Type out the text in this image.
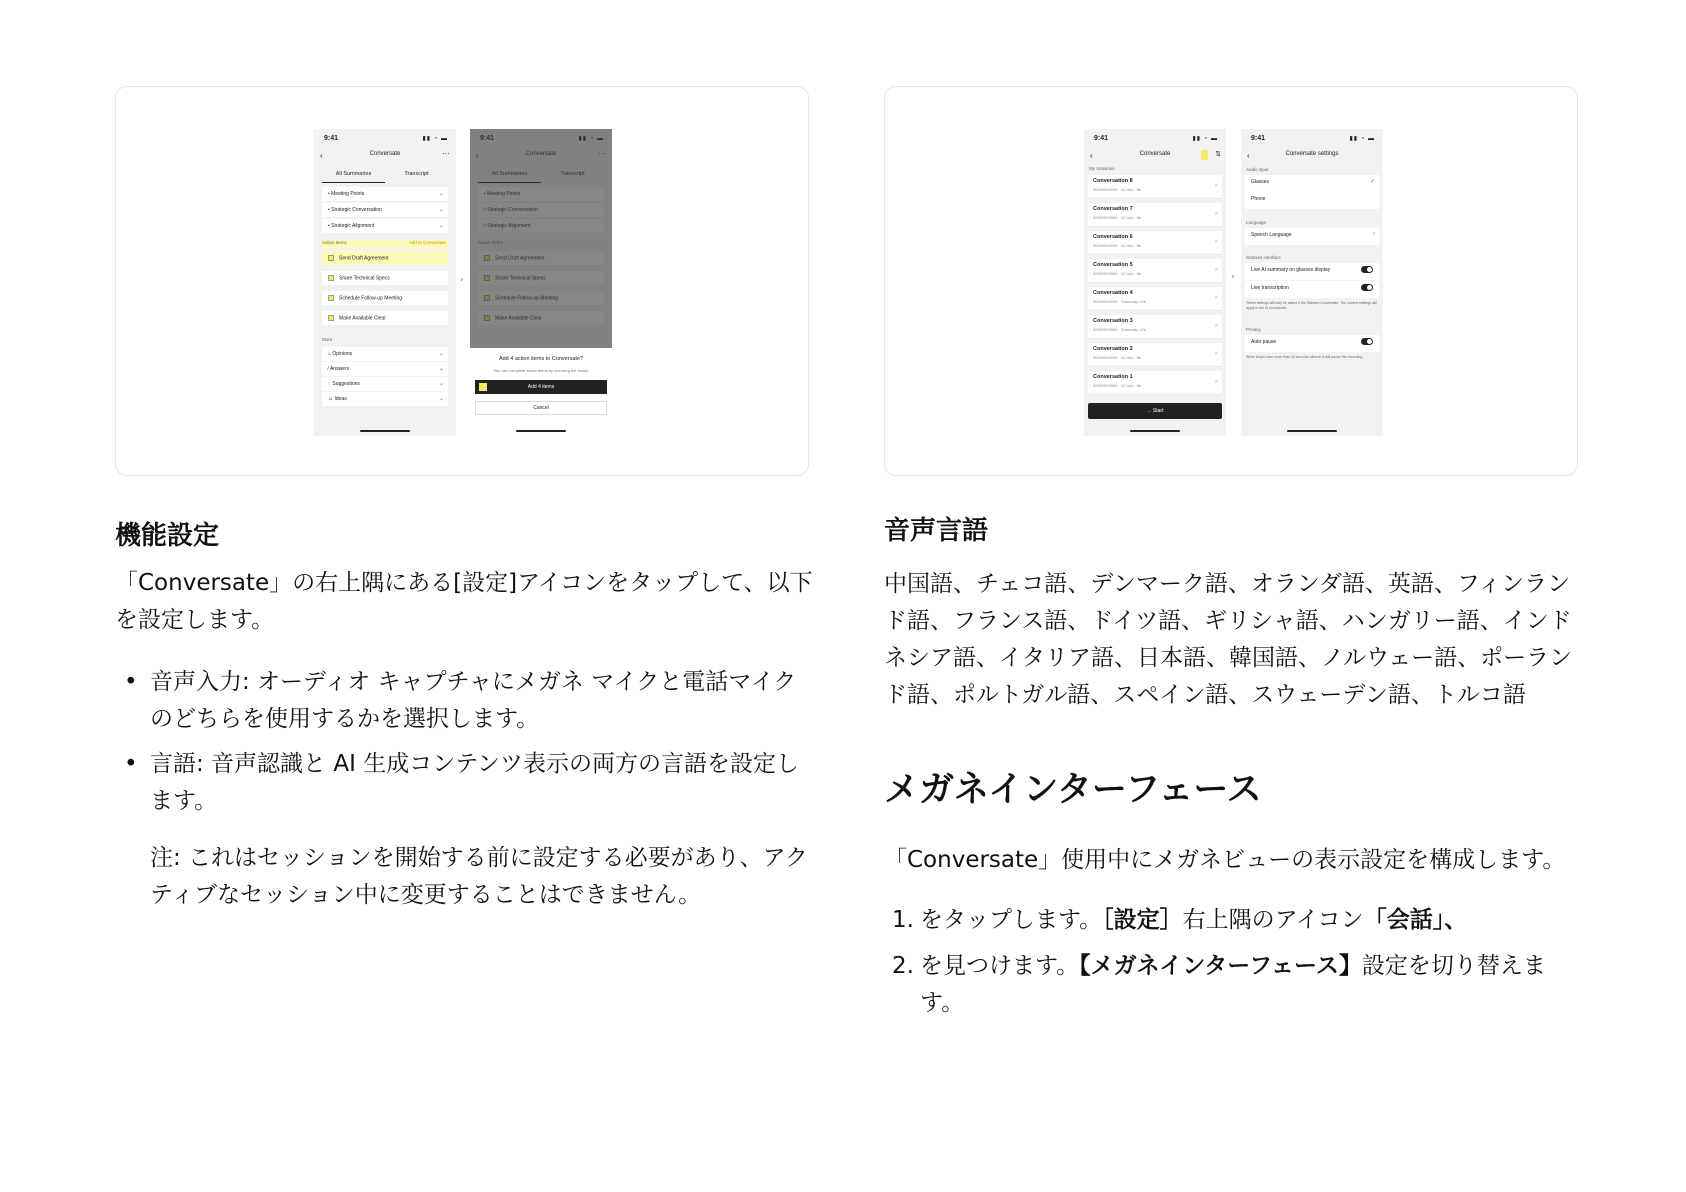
9:41	▮▮ ◔ ▬
‹	Conversate	···
All Summaries	Transcript
• Meeting Points	⌄
• Strategic Conversation	⌄
• Strategic Alignment	⌄
Action Items	Add to Conversate
Send Draft Agreement
Share Technical Specs
Schedule Follow-up Meeting
Make Available Clear
More
⌂ Opinions	⌄
⁄ Answers	⌄
◌ Suggestions	⌄
☺ Ideas	⌄
›
Add 4 action items to Conversate?
You can complete action items by checking the boxes
Add 4 items
Cancel
9:41	▮▮ ◔ ▬
‹	Conversate	⇅
My Sessions
Conversation 8
2025/05/2025 · 12 min · 5k
›
Conversation 7
2025/05/2025 · 12 min · 5k
›
Conversation 6
2025/05/2025 · 12 min · 5k
›
Conversation 5
2025/05/2025 · 12 min · 5k
›
Conversation 4
2025/05/2025 · Summary 12k
›
Conversation 3
2025/05/2025 · Summary 12k
›
Conversation 2
2025/05/2025 · 12 min · 5k
›
Conversation 1
2025/05/2025 · 12 min · 5k
›
→ Start
›
9:41	▮▮ ◔ ▬
‹	Conversate settings
Audio input
Glasses	✓
Phone
Language
Speech Language	›
Glasses interface
Live AI summary on glasses display
Live transcription
These settings will only be saved if the Glasses Conversate. The current settings will apply to the AI summaries.
Privacy
Auto pause
When Ampli have more than 10 seconds silence, it will pause the recording.
機能設定

「Conversate」の右上隅にある[設定]アイコンをタップして、以下

を設定します。

• 音声入力: オーディオ キャプチャにメガネ マイクと電話マイク
のどちらを使用するかを選択します。
• 言語: 音声認識と AI 生成コンテンツ表示の両方の言語を設定し
ます。
注: これはセッションを開始する前に設定する必要があり、アク
ティブなセッション中に変更することはできません。
音声言語

中国語、チェコ語、デンマーク語、オランダ語、英語、フィンラン

ド語、フランス語、ドイツ語、ギリシャ語、ハンガリー語、インド

ネシア語、イタリア語、日本語、韓国語、ノルウェー語、ポーラン

ド語、ポルトガル語、スペイン語、スウェーデン語、トルコ語

メガネインターフェース

「Conversate」使用中にメガネビューの表示設定を構成します。

1. をタップします。［設定］右上隅のアイコン「会話」、
2. を見つけます。【メガネインターフェース】設定を切り替えま
す。
